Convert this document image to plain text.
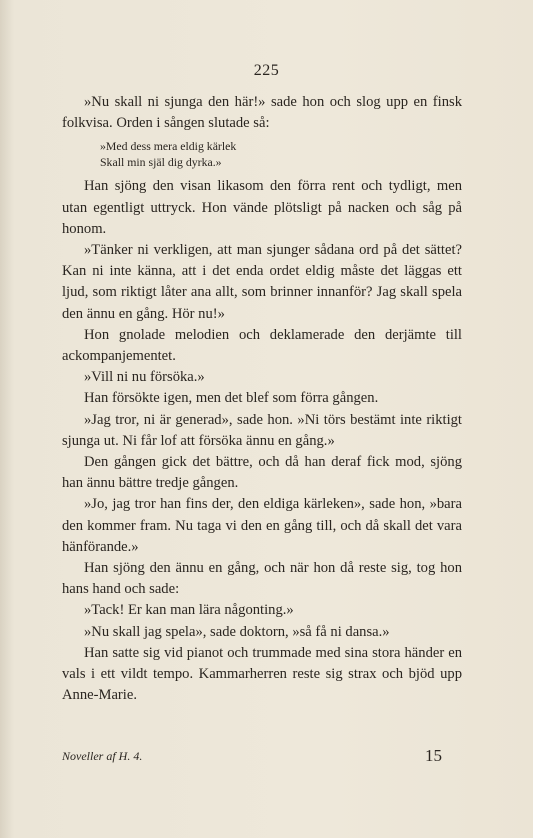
225

»Nu skall ni sjunga den här!» sade hon och slog upp en finsk folkvisa. Orden i sången slutade så:

»Med dess mera eldig kärlek
Skall min själ dig dyrka.»

Han sjöng den visan likasom den förra rent och tydligt, men utan egentligt uttryck. Hon vände plötsligt på nacken och såg på honom.

»Tänker ni verkligen, att man sjunger sådana ord på det sättet? Kan ni inte känna, att i det enda ordet eldig måste det läggas ett ljud, som riktigt låter ana allt, som brinner innanför? Jag skall spela den ännu en gång. Hör nu!»

Hon gnolade melodien och deklamerade den derjämte till ackompanjementet.

»Vill ni nu försöka.»

Han försökte igen, men det blef som förra gången.

»Jag tror, ni är generad», sade hon. »Ni törs bestämt inte riktigt sjunga ut. Ni får lof att försöka ännu en gång.»

Den gången gick det bättre, och då han deraf fick mod, sjöng han ännu bättre tredje gången.

»Jo, jag tror han fins der, den eldiga kärleken», sade hon, »bara den kommer fram. Nu taga vi den en gång till, och då skall det vara hänförande.»

Han sjöng den ännu en gång, och när hon då reste sig, tog hon hans hand och sade:

»Tack! Er kan man lära någonting.»

»Nu skall jag spela», sade doktorn, »så få ni dansa.»

Han satte sig vid pianot och trummade med sina stora händer en vals i ett vildt tempo. Kammarherren reste sig strax och bjöd upp Anne-Marie.

Noveller af H. 4.	15
